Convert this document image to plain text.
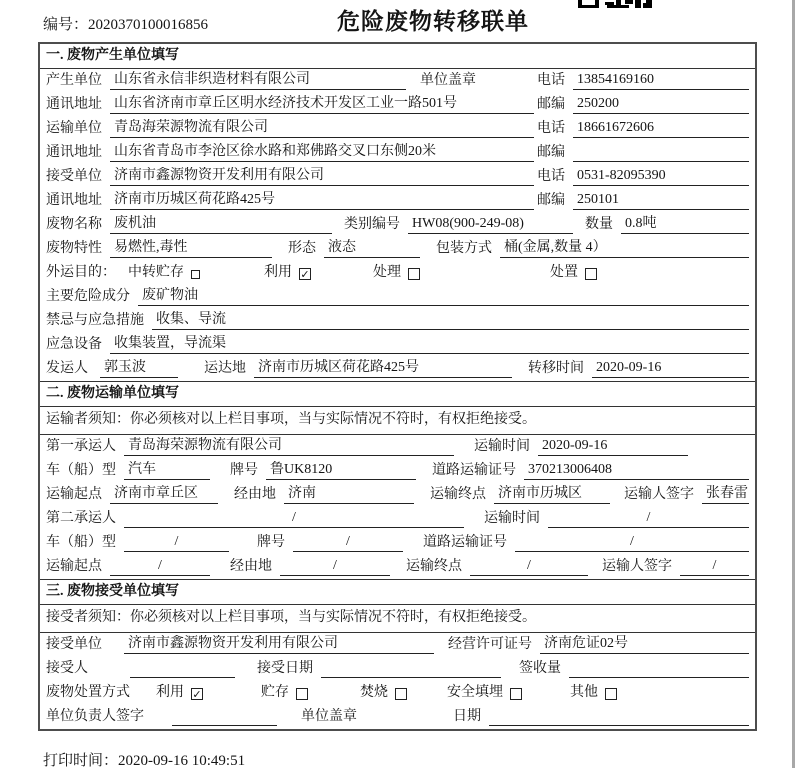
编号：2020370100016856	危险废物转移联单
一. 废物产生单位填写
产生单位 山东省永信非织造材料有限公司	单位盖章	电话 13854169160
通讯地址 山东省济南市章丘区明水经济技术开发区工业一路501号	邮编 250200
运输单位 青岛海荣源物流有限公司	电话 18661672606
通讯地址 山东省青岛市李沧区徐水路和郑佛路交叉口东侧20米	邮编
接受单位 济南市鑫源物资开发利用有限公司	电话 0531-82095390
通讯地址 济南市历城区荷花路425号	邮编 250101
废物名称 废机油	类别编号 HW08(900-249-08)	数量 0.8吨
废物特性 易燃性,毒性	形态 液态	包装方式 桶(金属,数量 4）
外运目的： 中转贮存	利用 ✓	处理	处置
主要危险成分 废矿物油
禁忌与应急措施 收集、导流
应急设备 收集装置，导流渠
发运人 郭玉波	运达地 济南市历城区荷花路425号	转移时间 2020-09-16
二. 废物运输单位填写
运输者须知：你必须核对以上栏目事项，当与实际情况不符时，有权拒绝接受。
第一承运人 青岛海荣源物流有限公司	运输时间 2020-09-16
车（船）型 汽车	牌号 鲁UK8120	道路运输证号 370213006408
运输起点 济南市章丘区	经由地 济南	运输终点 济南市历城区	运输人签字 张春雷
第二承运人	/	运输时间	/
车（船）型	/	牌号	/	道路运输证号	/
运输起点	/	经由地	/	运输终点	/	运输人签字	/
三. 废物接受单位填写
接受者须知：你必须核对以上栏目事项，当与实际情况不符时，有权拒绝接受。
接受单位 济南市鑫源物资开发利用有限公司	经营许可证号 济南危证02号
接受人	接受日期	签收量
废物处置方式 利用 ✓	贮存	焚烧	安全填埋	其他
单位负责人签字	单位盖章	日期
打印时间：2020-09-16 10:49:51
